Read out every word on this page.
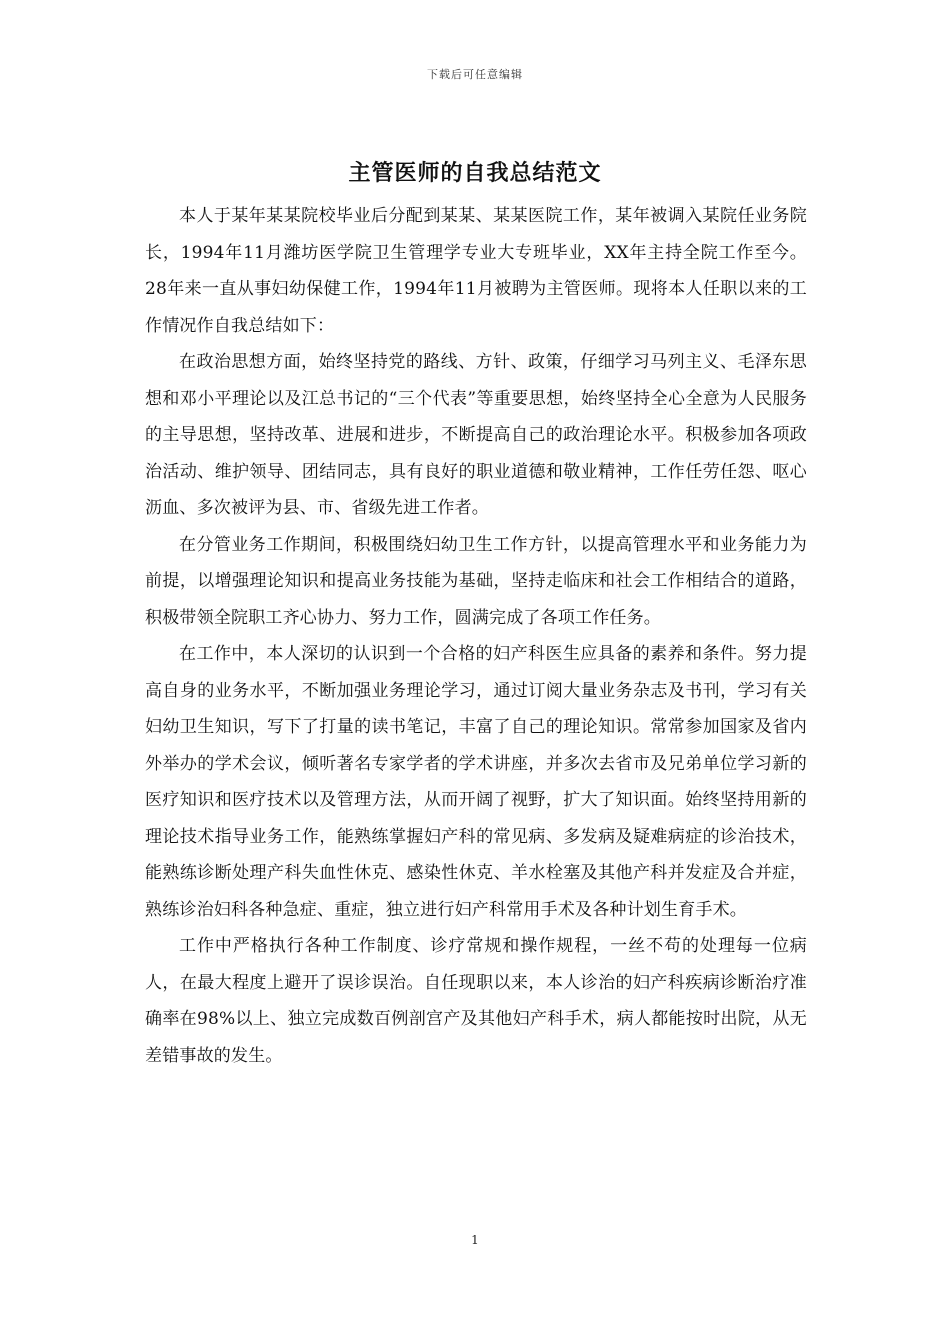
下载后可任意编辑
主管医师的自我总结范文

本人于某年某某院校毕业后分配到某某、某某医院工作，某年被调入某院任业务院长，1994年11月潍坊医学院卫生管理学专业大专班毕业，XX年主持全院工作至今。28年来一直从事妇幼保健工作，1994年11月被聘为主管医师。现将本人任职以来的工作情况作自我总结如下：

在政治思想方面，始终坚持党的路线、方针、政策，仔细学习马列主义、毛泽东思想和邓小平理论以及江总书记的“三个代表”等重要思想，始终坚持全心全意为人民服务的主导思想，坚持改革、进展和进步，不断提高自己的政治理论水平。积极参加各项政治活动、维护领导、团结同志，具有良好的职业道德和敬业精神，工作任劳任怨、呕心沥血、多次被评为县、市、省级先进工作者。

在分管业务工作期间，积极围绕妇幼卫生工作方针，以提高管理水平和业务能力为前提，以增强理论知识和提高业务技能为基础，坚持走临床和社会工作相结合的道路，积极带领全院职工齐心协力、努力工作，圆满完成了各项工作任务。

在工作中，本人深切的认识到一个合格的妇产科医生应具备的素养和条件。努力提高自身的业务水平，不断加强业务理论学习，通过订阅大量业务杂志及书刊，学习有关妇幼卫生知识，写下了打量的读书笔记，丰富了自己的理论知识。常常参加国家及省内外举办的学术会议，倾听著名专家学者的学术讲座，并多次去省市及兄弟单位学习新的医疗知识和医疗技术以及管理方法，从而开阔了视野，扩大了知识面。始终坚持用新的理论技术指导业务工作，能熟练掌握妇产科的常见病、多发病及疑难病症的诊治技术，能熟练诊断处理产科失血性休克、感染性休克、羊水栓塞及其他产科并发症及合并症，熟练诊治妇科各种急症、重症，独立进行妇产科常用手术及各种计划生育手术。

工作中严格执行各种工作制度、诊疗常规和操作规程，一丝不苟的处理每一位病人，在最大程度上避开了误诊误治。自任现职以来，本人诊治的妇产科疾病诊断治疗准确率在98%以上、独立完成数百例剖宫产及其他妇产科手术，病人都能按时出院，从无差错事故的发生。

1
